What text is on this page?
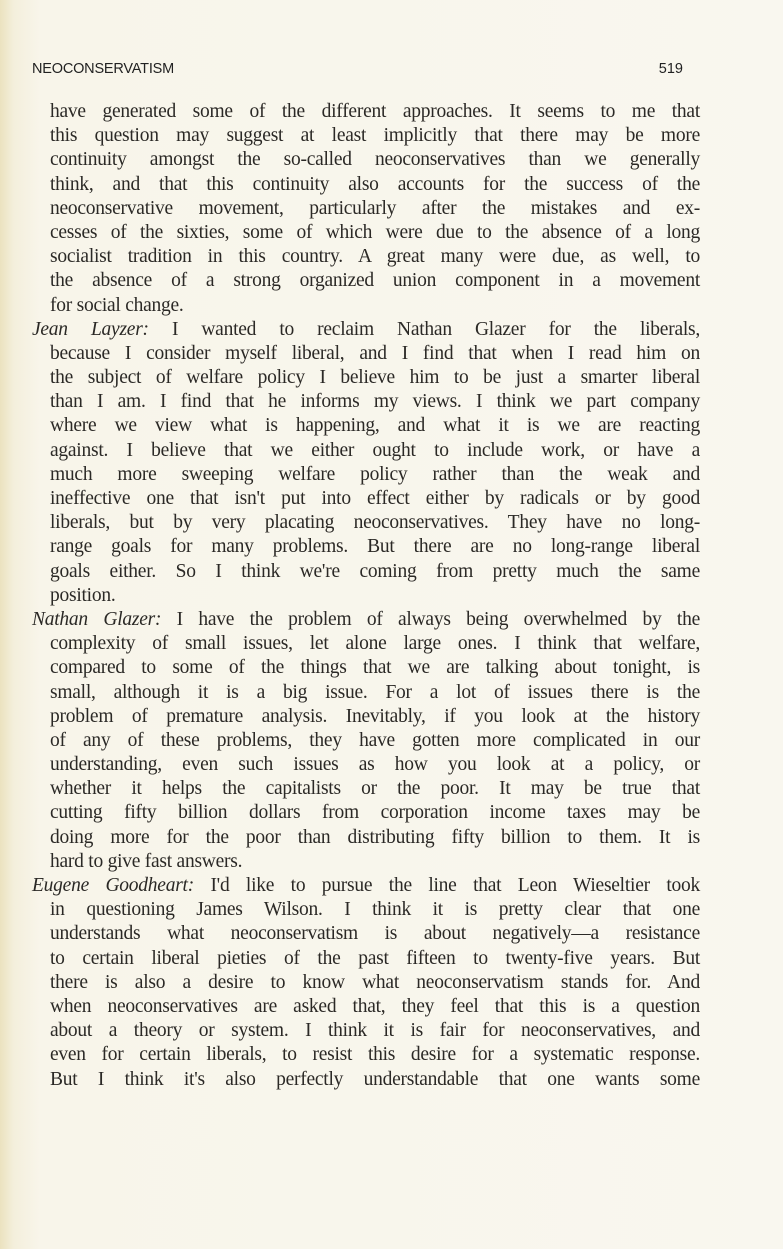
NEOCONSERVATISM	519
have generated some of the different approaches. It seems to me that
this question may suggest at least implicitly that there may be more
continuity amongst the so-called neoconservatives than we generally
think, and that this continuity also accounts for the success of the
neoconservative movement, particularly after the mistakes and ex-
cesses of the sixties, some of which were due to the absence of a long
socialist tradition in this country. A great many were due, as well, to
the absence of a strong organized union component in a movement
for social change.
Jean Layzer: I wanted to reclaim Nathan Glazer for the liberals,
because I consider myself liberal, and I find that when I read him on
the subject of welfare policy I believe him to be just a smarter liberal
than I am. I find that he informs my views. I think we part company
where we view what is happening, and what it is we are reacting
against. I believe that we either ought to include work, or have a
much more sweeping welfare policy rather than the weak and
ineffective one that isn't put into effect either by radicals or by good
liberals, but by very placating neoconservatives. They have no long-
range goals for many problems. But there are no long-range liberal
goals either. So I think we're coming from pretty much the same
position.
Nathan Glazer: I have the problem of always being overwhelmed by the
complexity of small issues, let alone large ones. I think that welfare,
compared to some of the things that we are talking about tonight, is
small, although it is a big issue. For a lot of issues there is the
problem of premature analysis. Inevitably, if you look at the history
of any of these problems, they have gotten more complicated in our
understanding, even such issues as how you look at a policy, or
whether it helps the capitalists or the poor. It may be true that
cutting fifty billion dollars from corporation income taxes may be
doing more for the poor than distributing fifty billion to them. It is
hard to give fast answers.
Eugene Goodheart: I'd like to pursue the line that Leon Wieseltier took
in questioning James Wilson. I think it is pretty clear that one
understands what neoconservatism is about negatively—a resistance
to certain liberal pieties of the past fifteen to twenty-five years. But
there is also a desire to know what neoconservatism stands for. And
when neoconservatives are asked that, they feel that this is a question
about a theory or system. I think it is fair for neoconservatives, and
even for certain liberals, to resist this desire for a systematic response.
But I think it's also perfectly understandable that one wants some
